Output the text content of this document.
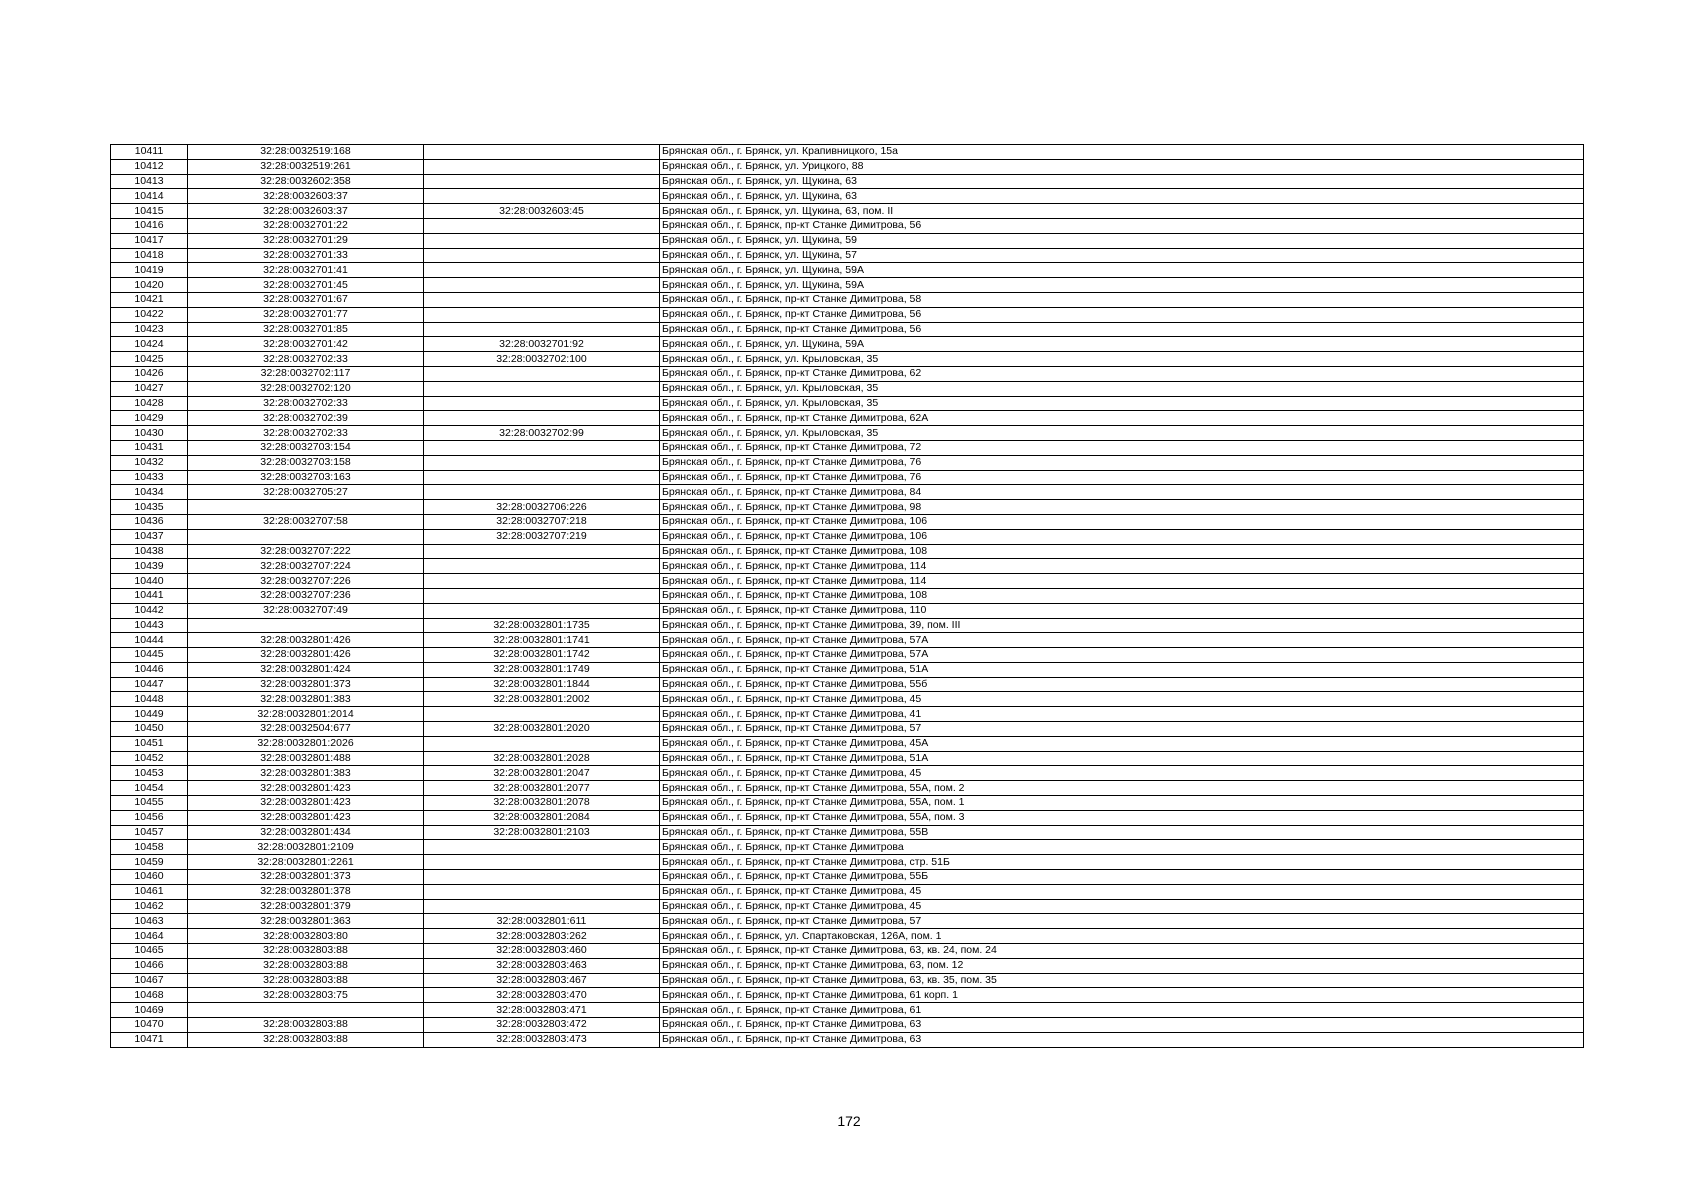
10411	32:28:0032519:168		Брянская обл., г. Брянск, ул. Крапивницкого, 15а
10412	32:28:0032519:261		Брянская обл., г. Брянск, ул. Урицкого, 88
10413	32:28:0032602:358		Брянская обл., г. Брянск, ул. Щукина, 63
10414	32:28:0032603:37		Брянская обл., г. Брянск, ул. Щукина, 63
10415	32:28:0032603:37	32:28:0032603:45	Брянская обл., г. Брянск, ул. Щукина, 63, пом. II
10416	32:28:0032701:22		Брянская обл., г. Брянск, пр-кт Станке Димитрова, 56
10417	32:28:0032701:29		Брянская обл., г. Брянск, ул. Щукина, 59
10418	32:28:0032701:33		Брянская обл., г. Брянск, ул. Щукина, 57
10419	32:28:0032701:41		Брянская обл., г. Брянск, ул. Щукина, 59А
10420	32:28:0032701:45		Брянская обл., г. Брянск, ул. Щукина, 59А
10421	32:28:0032701:67		Брянская обл., г. Брянск, пр-кт Станке Димитрова, 58
10422	32:28:0032701:77		Брянская обл., г. Брянск, пр-кт Станке Димитрова, 56
10423	32:28:0032701:85		Брянская обл., г. Брянск, пр-кт Станке Димитрова, 56
10424	32:28:0032701:42	32:28:0032701:92	Брянская обл., г. Брянск, ул. Щукина, 59А
10425	32:28:0032702:33	32:28:0032702:100	Брянская обл., г. Брянск, ул. Крыловская, 35
10426	32:28:0032702:117		Брянская обл., г. Брянск, пр-кт Станке Димитрова, 62
10427	32:28:0032702:120		Брянская обл., г. Брянск, ул. Крыловская, 35
10428	32:28:0032702:33		Брянская обл., г. Брянск, ул. Крыловская, 35
10429	32:28:0032702:39		Брянская обл., г. Брянск, пр-кт Станке Димитрова, 62А
10430	32:28:0032702:33	32:28:0032702:99	Брянская обл., г. Брянск, ул. Крыловская, 35
10431	32:28:0032703:154		Брянская обл., г. Брянск, пр-кт Станке Димитрова, 72
10432	32:28:0032703:158		Брянская обл., г. Брянск, пр-кт Станке Димитрова, 76
10433	32:28:0032703:163		Брянская обл., г. Брянск, пр-кт Станке Димитрова, 76
10434	32:28:0032705:27		Брянская обл., г. Брянск, пр-кт Станке Димитрова, 84
10435		32:28:0032706:226	Брянская обл., г. Брянск, пр-кт Станке Димитрова, 98
10436	32:28:0032707:58	32:28:0032707:218	Брянская обл., г. Брянск, пр-кт Станке Димитрова, 106
10437		32:28:0032707:219	Брянская обл., г. Брянск, пр-кт Станке Димитрова, 106
10438	32:28:0032707:222		Брянская обл., г. Брянск, пр-кт Станке Димитрова, 108
10439	32:28:0032707:224		Брянская обл., г. Брянск, пр-кт Станке Димитрова, 114
10440	32:28:0032707:226		Брянская обл., г. Брянск, пр-кт Станке Димитрова, 114
10441	32:28:0032707:236		Брянская обл., г. Брянск, пр-кт Станке Димитрова, 108
10442	32:28:0032707:49		Брянская обл., г. Брянск, пр-кт Станке Димитрова, 110
10443		32:28:0032801:1735	Брянская обл., г. Брянск, пр-кт Станке Димитрова, 39, пом. III
10444	32:28:0032801:426	32:28:0032801:1741	Брянская обл., г. Брянск, пр-кт Станке Димитрова, 57А
10445	32:28:0032801:426	32:28:0032801:1742	Брянская обл., г. Брянск, пр-кт Станке Димитрова, 57А
10446	32:28:0032801:424	32:28:0032801:1749	Брянская обл., г. Брянск, пр-кт Станке Димитрова, 51А
10447	32:28:0032801:373	32:28:0032801:1844	Брянская обл., г. Брянск, пр-кт Станке Димитрова, 55б
10448	32:28:0032801:383	32:28:0032801:2002	Брянская обл., г. Брянск, пр-кт Станке Димитрова, 45
10449	32:28:0032801:2014		Брянская обл., г. Брянск, пр-кт Станке Димитрова, 41
10450	32:28:0032504:677	32:28:0032801:2020	Брянская обл., г. Брянск, пр-кт Станке Димитрова, 57
10451	32:28:0032801:2026		Брянская обл., г. Брянск, пр-кт Станке Димитрова, 45А
10452	32:28:0032801:488	32:28:0032801:2028	Брянская обл., г. Брянск, пр-кт Станке Димитрова, 51А
10453	32:28:0032801:383	32:28:0032801:2047	Брянская обл., г. Брянск, пр-кт Станке Димитрова, 45
10454	32:28:0032801:423	32:28:0032801:2077	Брянская обл., г. Брянск, пр-кт Станке Димитрова, 55А, пом. 2
10455	32:28:0032801:423	32:28:0032801:2078	Брянская обл., г. Брянск, пр-кт Станке Димитрова, 55А, пом. 1
10456	32:28:0032801:423	32:28:0032801:2084	Брянская обл., г. Брянск, пр-кт Станке Димитрова, 55А, пом. 3
10457	32:28:0032801:434	32:28:0032801:2103	Брянская обл., г. Брянск, пр-кт Станке Димитрова, 55В
10458	32:28:0032801:2109		Брянская обл., г. Брянск, пр-кт Станке Димитрова
10459	32:28:0032801:2261		Брянская обл., г. Брянск, пр-кт Станке Димитрова, стр. 51Б
10460	32:28:0032801:373		Брянская обл., г. Брянск, пр-кт Станке Димитрова, 55Б
10461	32:28:0032801:378		Брянская обл., г. Брянск, пр-кт Станке Димитрова, 45
10462	32:28:0032801:379		Брянская обл., г. Брянск, пр-кт Станке Димитрова, 45
10463	32:28:0032801:363	32:28:0032801:611	Брянская обл., г. Брянск, пр-кт Станке Димитрова, 57
10464	32:28:0032803:80	32:28:0032803:262	Брянская обл., г. Брянск, ул. Спартаковская, 126А, пом. 1
10465	32:28:0032803:88	32:28:0032803:460	Брянская обл., г. Брянск, пр-кт Станке Димитрова, 63, кв. 24, пом. 24
10466	32:28:0032803:88	32:28:0032803:463	Брянская обл., г. Брянск, пр-кт Станке Димитрова, 63, пом. 12
10467	32:28:0032803:88	32:28:0032803:467	Брянская обл., г. Брянск, пр-кт Станке Димитрова, 63, кв. 35, пом. 35
10468	32:28:0032803:75	32:28:0032803:470	Брянская обл., г. Брянск, пр-кт Станке Димитрова, 61 корп. 1
10469		32:28:0032803:471	Брянская обл., г. Брянск, пр-кт Станке Димитрова, 61
10470	32:28:0032803:88	32:28:0032803:472	Брянская обл., г. Брянск, пр-кт Станке Димитрова, 63
10471	32:28:0032803:88	32:28:0032803:473	Брянская обл., г. Брянск, пр-кт Станке Димитрова, 63
172
